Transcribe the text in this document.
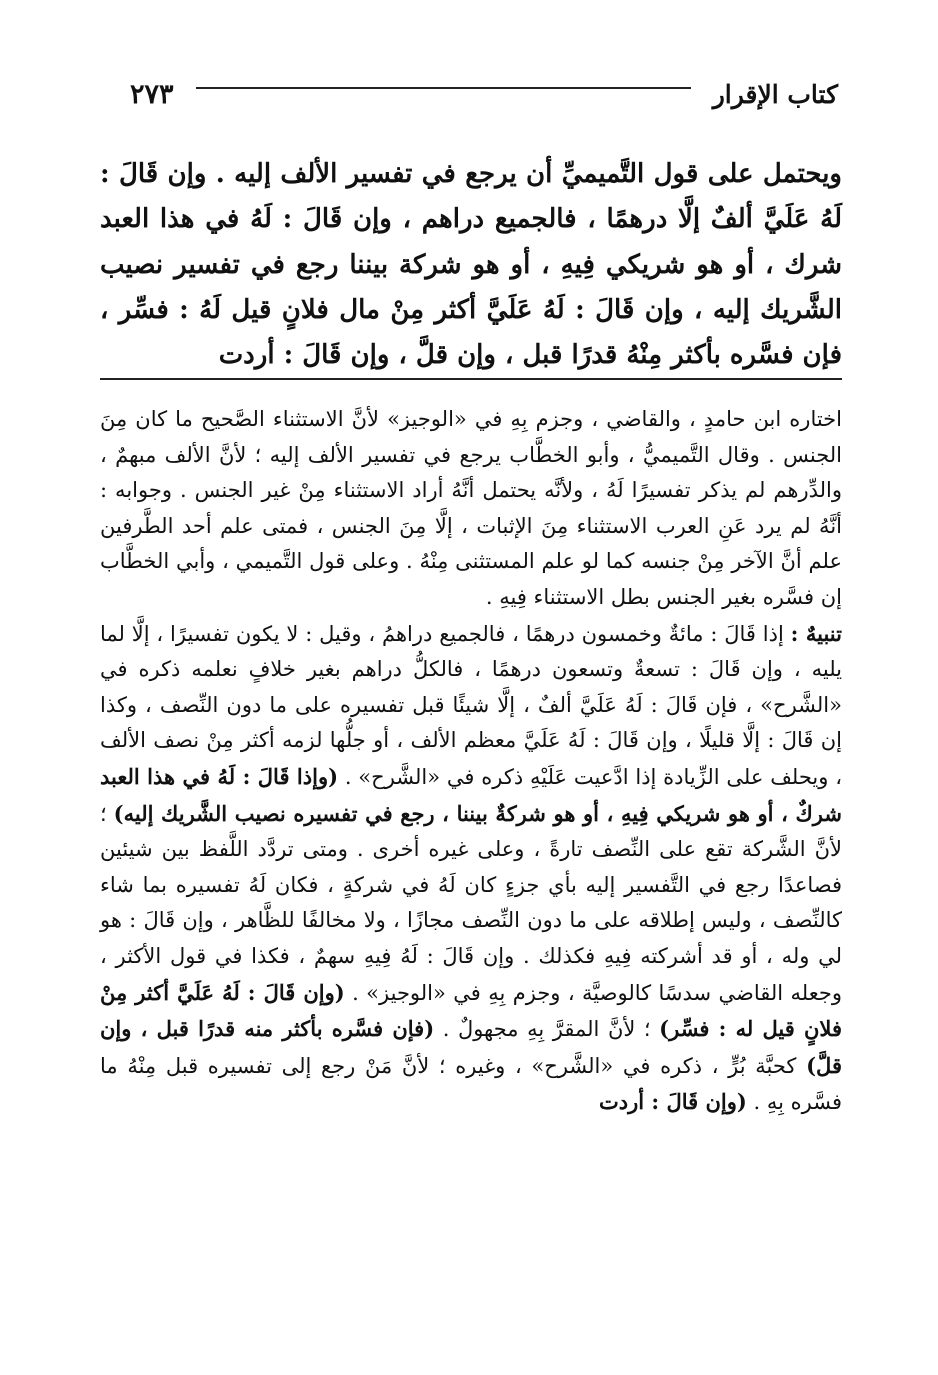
كتاب الإقرار
٢٧٣
ويحتمل على قول التَّميميِّ أن يرجع في تفسير الألف إليه . وإن قَالَ : لَهُ عَلَيَّ ألفٌ إلَّا درهمًا ، فالجميع دراهم ، وإن قَالَ : لَهُ في هذا العبد شرك ، أو هو شريكي فِيهِ ، أو هو شركة بيننا رجع في تفسير نصيب الشَّريك إليه ، وإن قَالَ : لَهُ عَلَيَّ أكثر مِنْ مال فلانٍ قيل لَهُ : فسِّر ، فإن فسَّره بأكثر مِنْهُ قدرًا قبل ، وإن قلَّ ، وإن قَالَ : أردت

اختاره ابن حامدٍ ، والقاضي ، وجزم بِهِ في «الوجيز» لأنَّ الاستثناء الصَّحيح ما كان مِنَ الجنس . وقال التَّميميُّ ، وأبو الخطَّاب يرجع في تفسير الألف إليه ؛ لأنَّ الألف مبهمٌ ، والدِّرهم لم يذكر تفسيرًا لَهُ ، ولأنَّه يحتمل أنَّهُ أراد الاستثناء مِنْ غير الجنس . وجوابه : أنَّهُ لم يرد عَنِ العرب الاستثناء مِنَ الإثبات ، إلَّا مِنَ الجنس ، فمتى علم أحد الطَّرفين علم أنَّ الآخر مِنْ جنسه كما لو علم المستثنى مِنْهُ . وعلى قول التَّميمي ، وأبي الخطَّاب إن فسَّره بغير الجنس بطل الاستثناء فِيهِ .

تنبيهٌ : إذا قَالَ : مائةٌ وخمسون درهمًا ، فالجميع دراهمُ ، وقيل : لا يكون تفسيرًا ، إلَّا لما يليه ، وإن قَالَ : تسعةٌ وتسعون درهمًا ، فالكلُّ دراهم بغير خلافٍ نعلمه ذكره في «الشَّرح» ، فإن قَالَ : لَهُ عَلَيَّ ألفٌ ، إلَّا شيئًا قبل تفسيره على ما دون النِّصف ، وكذا إن قَالَ : إلَّا قليلًا ، وإن قَالَ : لَهُ عَلَيَّ معظم الألف ، أو جلُّها لزمه أكثر مِنْ نصف الألف ، ويحلف على الزِّيادة إذا ادَّعيت عَلَيْهِ ذكره في «الشَّرح» . (وإذا قَالَ : لَهُ في هذا العبد شركٌ ، أو هو شريكي فِيهِ ، أو هو شركةٌ بيننا ، رجع في تفسيره نصيب الشَّريك إليه) ؛ لأنَّ الشَّركة تقع على النِّصف تارةً ، وعلى غيره أخرى . ومتى تردَّد اللَّفظ بين شيئين فصاعدًا رجع في التَّفسير إليه بأي جزءٍ كان لَهُ في شركةٍ ، فكان لَهُ تفسيره بما شاء كالنِّصف ، وليس إطلاقه على ما دون النِّصف مجازًا ، ولا مخالفًا للظَّاهر ، وإن قَالَ : هو لي وله ، أو قد أشركته فِيهِ فكذلك . وإن قَالَ : لَهُ فِيهِ سهمٌ ، فكذا في قول الأكثر ، وجعله القاضي سدسًا كالوصيَّة ، وجزم بِهِ في «الوجيز» . (وإن قَالَ : لَهُ عَلَيَّ أكثر مِنْ فلانٍ قيل له : فسِّر) ؛ لأنَّ المقرَّ بِهِ مجهولٌ . (فإن فسَّره بأكثر منه قدرًا قبل ، وإن قلَّ) كحبَّة بُرٍّ ، ذكره في «الشَّرح» ، وغيره ؛ لأنَّ مَنْ رجع إلى تفسيره قبل مِنْهُ ما فسَّره بِهِ . (وإن قَالَ : أردت
